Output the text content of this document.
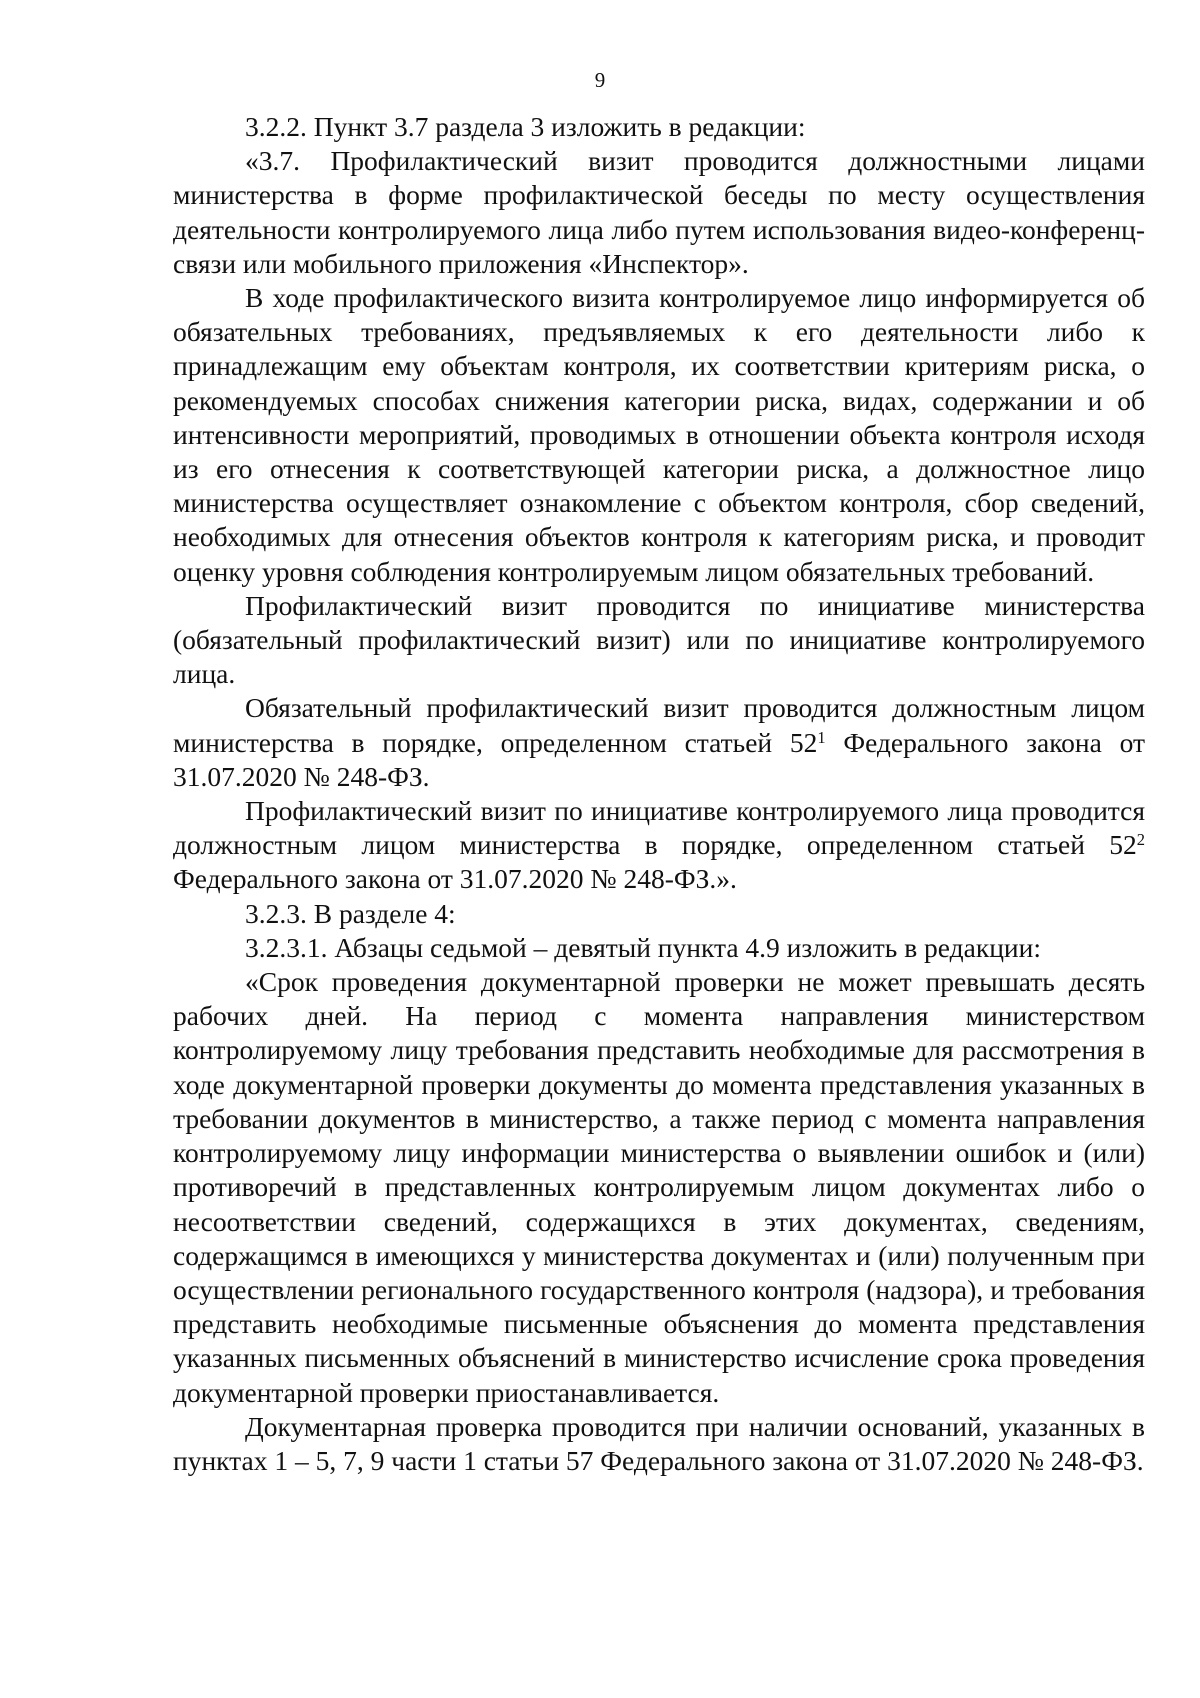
9

3.2.2. Пункт 3.7 раздела 3 изложить в редакции:

«3.7. Профилактический визит проводится должностными лицами министерства в форме профилактической беседы по месту осуществления деятельности контролируемого лица либо путем использования видео-конференц-связи или мобильного приложения «Инспектор».

В ходе профилактического визита контролируемое лицо информируется об обязательных требованиях, предъявляемых к его деятельности либо к принадлежащим ему объектам контроля, их соответствии критериям риска, о рекомендуемых способах снижения категории риска, видах, содержании и об интенсивности мероприятий, проводимых в отношении объекта контроля исходя из его отнесения к соответствующей категории риска, а должностное лицо министерства осуществляет ознакомление с объектом контроля, сбор сведений, необходимых для отнесения объектов контроля к категориям риска, и проводит оценку уровня соблюдения контролируемым лицом обязательных требований.

Профилактический визит проводится по инициативе министерства (обязательный профилактический визит) или по инициативе контролируемого лица.

Обязательный профилактический визит проводится должностным лицом министерства в порядке, определенном статьей $52^1$ Федерального закона от 31.07.2020 № 248-ФЗ.

Профилактический визит по инициативе контролируемого лица проводится должностным лицом министерства в порядке, определенном статьей $52^2$ Федерального закона от 31.07.2020 № 248-ФЗ.».

3.2.3. В разделе 4:

3.2.3.1. Абзацы седьмой – девятый пункта 4.9 изложить в редакции:

«Срок проведения документарной проверки не может превышать десять рабочих дней. На период с момента направления министерством контролируемому лицу требования представить необходимые для рассмотрения в ходе документарной проверки документы до момента представления указанных в требовании документов в министерство, а также период с момента направления контролируемому лицу информации министерства о выявлении ошибок и (или) противоречий в представленных контролируемым лицом документах либо о несоответствии сведений, содержащихся в этих документах, сведениям, содержащимся в имеющихся у министерства документах и (или) полученным при осуществлении регионального государственного контроля (надзора), и требования представить необходимые письменные объяснения до момента представления указанных письменных объяснений в министерство исчисление срока проведения документарной проверки приостанавливается.

Документарная проверка проводится при наличии оснований, указанных в пунктах 1 – 5, 7, 9 части 1 статьи 57 Федерального закона от 31.07.2020 № 248-ФЗ.
